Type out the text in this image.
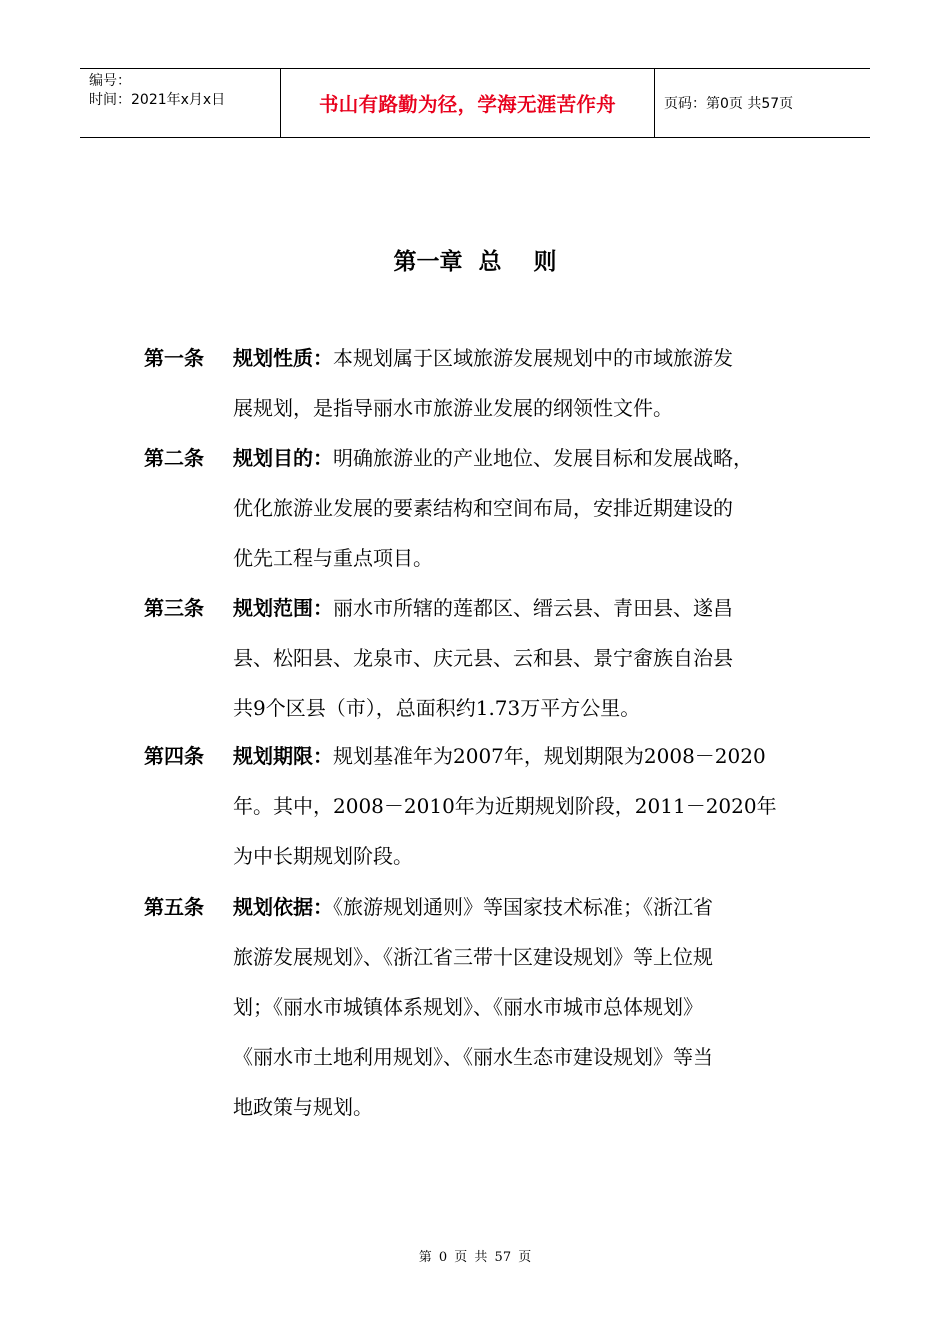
编号：
时间：2021年x月x日	书山有路勤为径，学海无涯苦作舟	页码：第0页 共57页
第一章  总    则
第一条 规划性质：本规划属于区域旅游发展规划中的市域旅游发
展规划，是指导丽水市旅游业发展的纲领性文件。
第二条 规划目的：明确旅游业的产业地位、发展目标和发展战略，
优化旅游业发展的要素结构和空间布局，安排近期建设的
优先工程与重点项目。
第三条 规划范围：丽水市所辖的莲都区、缙云县、青田县、遂昌
县、松阳县、龙泉市、庆元县、云和县、景宁畲族自治县
共9个区县（市），总面积约1.73万平方公里。
第四条 规划期限：规划基准年为2007年，规划期限为2008－2020
年。其中，2008－2010年为近期规划阶段，2011－2020年
为中长期规划阶段。
第五条 规划依据：《旅游规划通则》等国家技术标准；《浙江省
旅游发展规划》、《浙江省三带十区建设规划》等上位规
划；《丽水市城镇体系规划》、《丽水市城市总体规划》
《丽水市土地利用规划》、《丽水生态市建设规划》等当
地政策与规划。
第 0 页 共 57 页
